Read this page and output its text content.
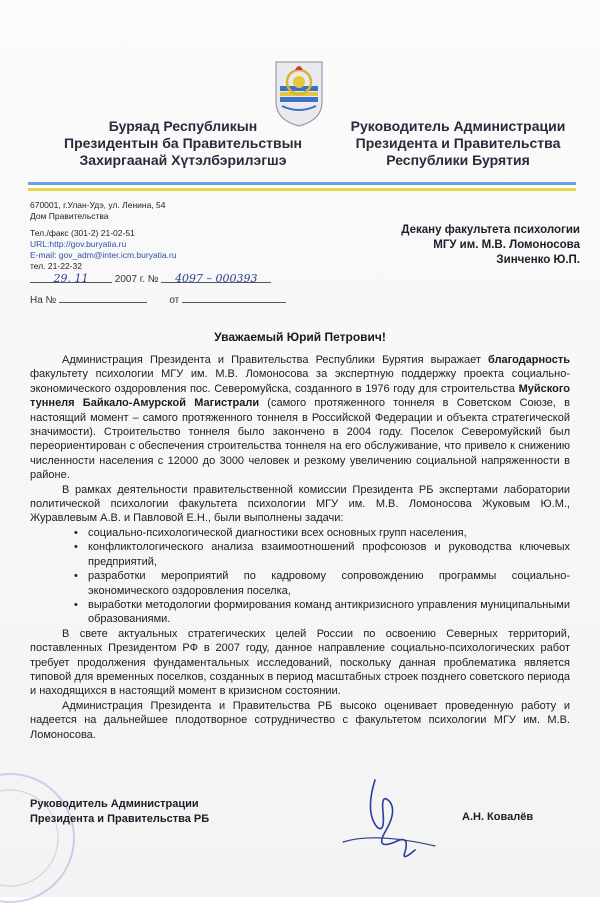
Буряад Республикын
Президентын ба Правительствын
Захиргаанай Хүтэлбэрилэгшэ
Руководитель Администрации
Президента и Правительства
Республики Бурятия
670001, г.Улан-Удэ, ул. Ленина, 54
Дом Правительства
Тел./факс (301-2) 21-02-51
URL:http://gov.buryatia.ru
E-mail: gov_adm@inter.icm.buryatia.ru
тел. 21-22-32
29. 11	2007 г. № 4097 – 000393
На №	от
Декану факультета психологии
МГУ им. М.В. Ломоносова
Зинченко Ю.П.
Уважаемый Юрий Петрович!

Администрация Президента и Правительства Республики Бурятия выражает благодарность факультету психологии МГУ им. М.В. Ломоносова за экспертную поддержку проекта социально-экономического оздоровления пос. Северомуйска, созданного в 1976 году для строительства Муйского туннеля Байкало-Амурской Магистрали (самого протяженного тоннеля в Советском Союзе, в настоящий момент – самого протяженного тоннеля в Российской Федерации и объекта стратегической значимости). Строительство тоннеля было закончено в 2004 году. Поселок Северомуйский был переориентирован с обеспечения строительства тоннеля на его обслуживание, что привело к снижению численности населения с 12000 до 3000 человек и резкому увеличению социальной напряженности в районе.

В рамках деятельности правительственной комиссии Президента РБ экспертами лаборатории политической психологии факультета психологии МГУ им. М.В. Ломоносова Жуковым Ю.М., Журавлевым А.В. и Павловой Е.Н., были выполнены задачи:

• социально-психологической диагностики всех основных групп населения,
• конфликтологического анализа взаимоотношений профсоюзов и руководства ключевых предприятий,
• разработки мероприятий по кадровому сопровождению программы социально-экономического оздоровления поселка,
• выработки методологии формирования команд антикризисного управления муниципальными образованиями.

В свете актуальных стратегических целей России по освоению Северных территорий, поставленных Президентом РФ в 2007 году, данное направление социально-психологических работ требует продолжения фундаментальных исследований, поскольку данная проблематика является типовой для временных поселков, созданных в период масштабных строек позднего советского периода и находящихся в настоящий момент в кризисном состоянии.

Администрация Президента и Правительства РБ высоко оценивает проведенную работу и надеется на дальнейшее плодотворное сотрудничество с факультетом психологии МГУ им. М.В. Ломоносова.

Руководитель Администрации
Президента и Правительства РБ	А.Н. Ковалёв
